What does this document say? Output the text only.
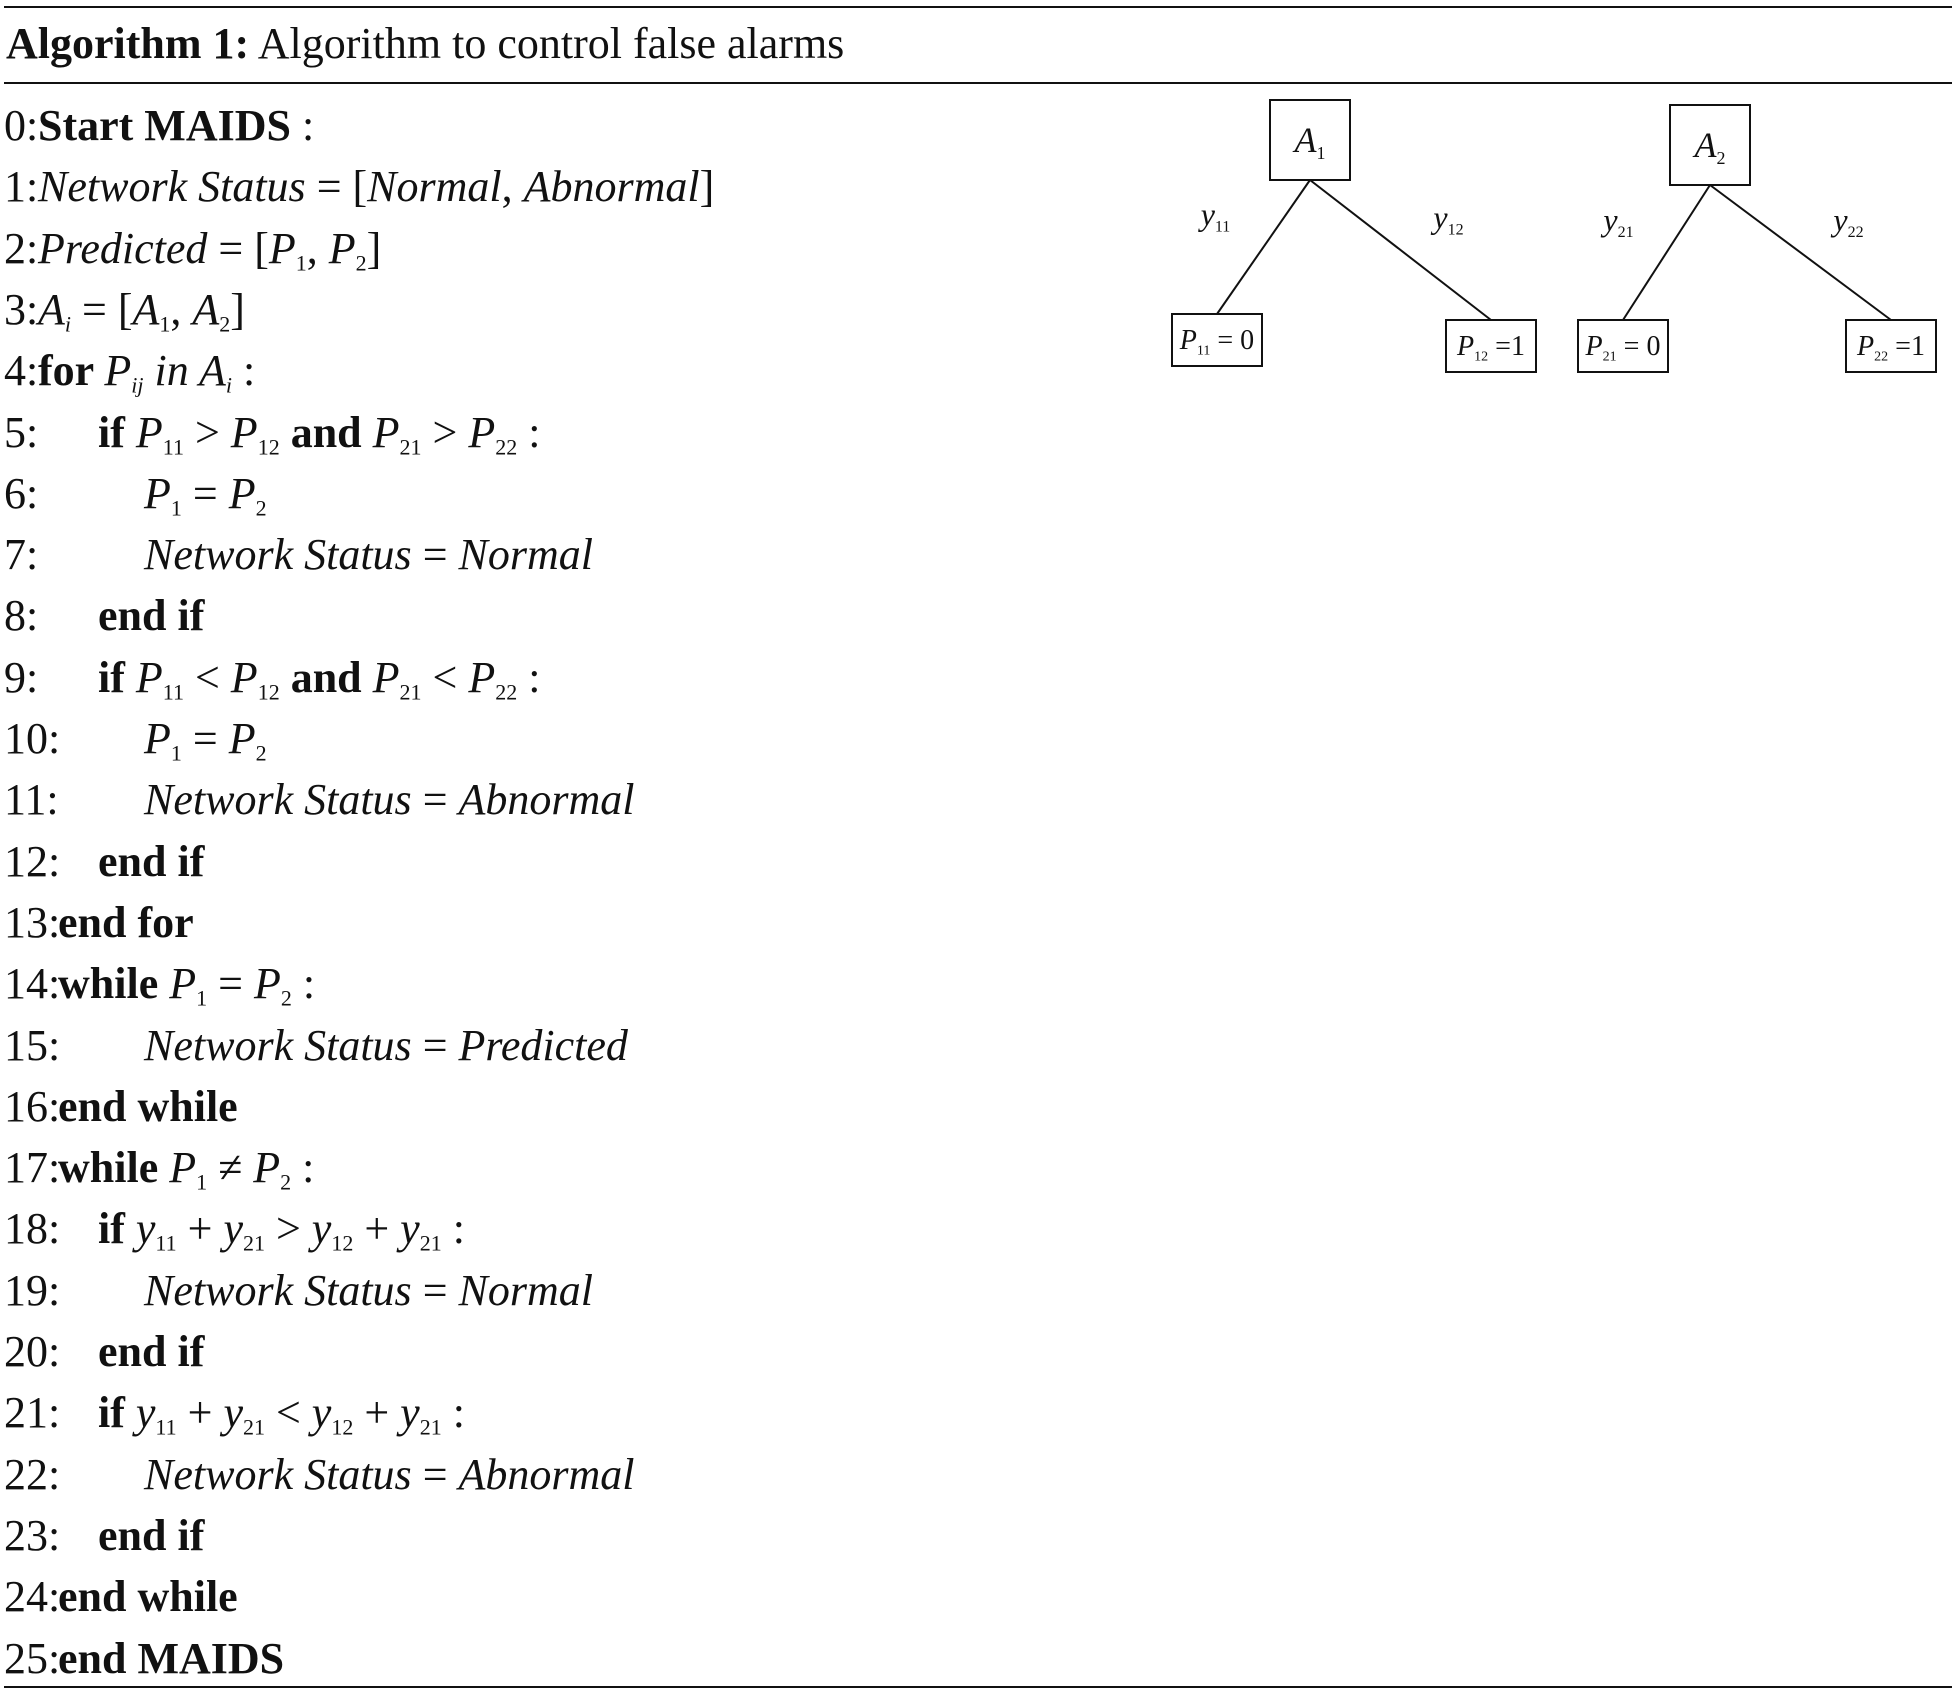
Algorithm 1: Algorithm to control false alarms
0: Start MAIDS :
1: Network Status = [Normal, Abnormal]
2: Predicted = [$P_1$, $P_2$]
3: $A_i = [A_1$, $A_2$]
4: for $P_{ij}$ in $A_i$ :
5: if $P_{11} > P_{12}$ and $P_{21} > P_{22}$ :
6: $P_1 = P_2$
7: Network Status = Normal
8: end if
9: if $P_{11} < P_{12}$ and $P_{21} < P_{22}$ :
10: $P_1 = P_2$
11: Network Status = Abnormal
12: end if
13:
end for
14:
while $P_1 = P_2$ :
15: Network Status = Predicted
16:
end while
17:
while $P_1 \ne P_2$ :
18: if $y_{11} + y_{21} > y_{12} + y_{21}$ :
19: Network Status = Normal
20: end if
21: if $y_{11} + y_{21} < y_{12} + y_{21}$ :
22: Network Status = Abnormal
23: end if
24:
end while
25:
end MAIDS
$A_1$
$y_{11}$	$y_{12}$
$P_{11} = 0$	$P_{12} =1$
$A_2$
$y_{21}$	$y_{22}$
$P_{21} = 0$	$P_{22} =1$
